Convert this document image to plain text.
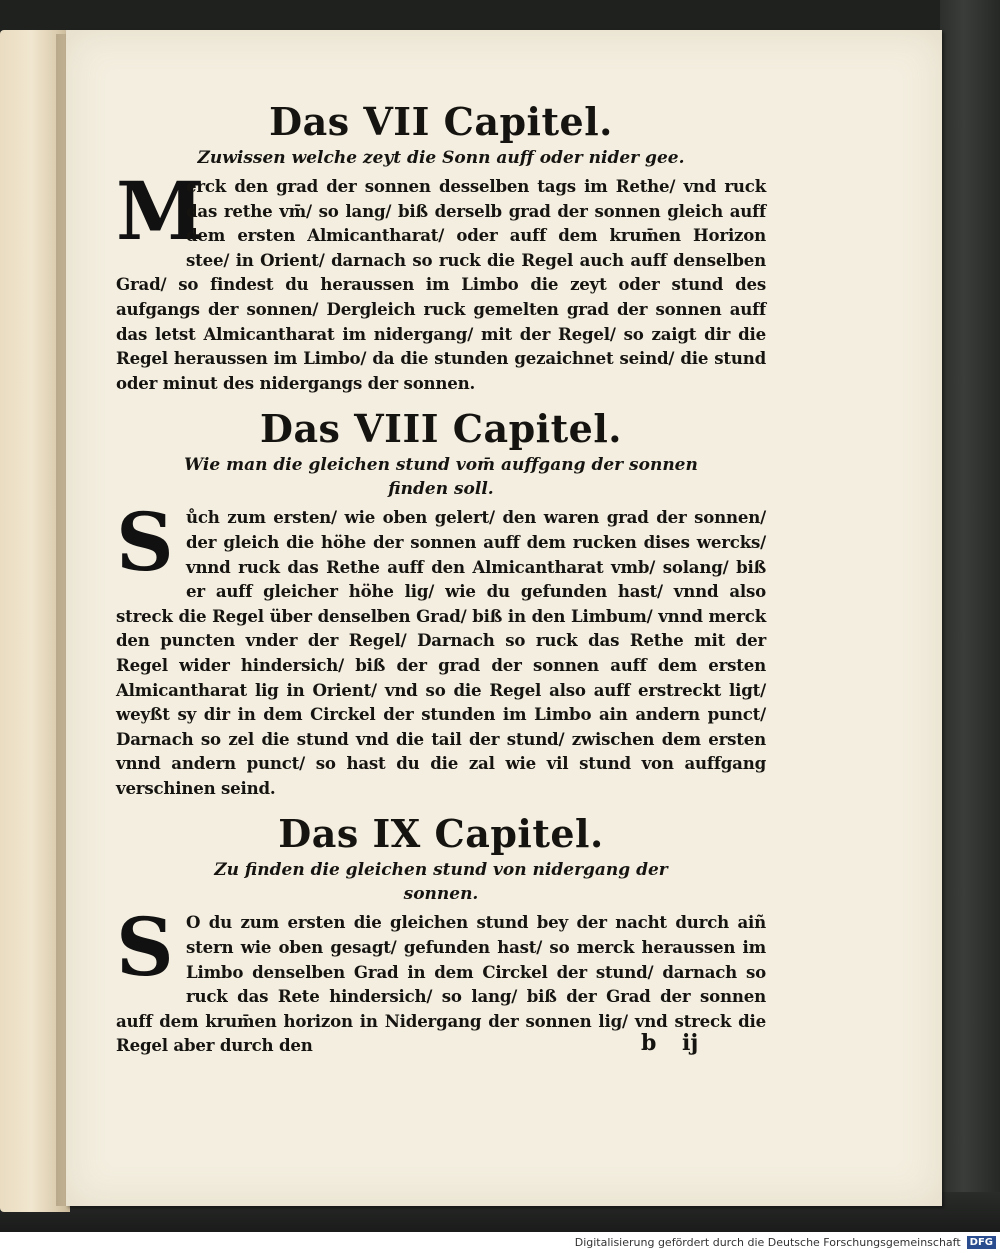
Das VII Capitel.
Zuwissen welche zeyt die Sonn auff oder nider gee.

M
erck den grad der sonnen desselben tags im Rethe/ vnd ruck das rethe vm̄/ so lang/ biß derselb grad der sonnen gleich auff dem ersten Almicantharat/ oder auff dem krum̄en Horizon stee/ in Orient/ darnach so ruck die Regel auch auff denselben Grad/ so findest du heraussen im Limbo die zeyt oder stund des aufgangs der sonnen/ Dergleich ruck gemelten grad der sonnen auff das letst Almicantharat im nidergang/ mit der Regel/ so zaigt dir die Regel heraussen im Limbo/ da die stunden gezaichnet seind/ die stund oder minut des nidergangs der sonnen.

Das VIII Capitel.
Wie man die gleichen stund vom̄ auffgang der sonnen finden soll.

S ůch zum ersten/ wie oben gelert/ den waren grad der sonnen/ der gleich die höhe der sonnen auff dem rucken dises wercks/ vnnd ruck das Rethe auff den Almicantharat vmb/ solang/ biß er auff gleicher höhe lig/ wie du gefunden hast/ vnnd also streck die Regel über denselben Grad/ biß in den Limbum/ vnnd merck den puncten vnder der Regel/ Darnach so ruck das Rethe mit der Regel wider hindersich/ biß der grad der sonnen auff dem ersten Almicantharat lig in Orient/ vnd so die Regel also auff erstreckt ligt/ weyßt sy dir in dem Circkel der stunden im Limbo ain andern punct/ Darnach so zel die stund vnd die tail der stund/ zwischen dem ersten vnnd andern punct/ so hast du die zal wie vil stund von auffgang verschinen seind.

Das IX Capitel.
Zu finden die gleichen stund von nidergang der sonnen.

S O du zum ersten die gleichen stund bey der nacht durch aiñ stern wie oben gesagt/ gefunden hast/ so merck heraussen im Limbo denselben Grad in dem Circkel der stund/ darnach so ruck das Rete hindersich/ so lang/ biß der Grad der sonnen auff dem krum̄en horizon in Nidergang der sonnen lig/ vnd streck die Regel aber durch den	b ij
Digitalisierung gefördert durch die Deutsche Forschungsgemeinschaft DFG
